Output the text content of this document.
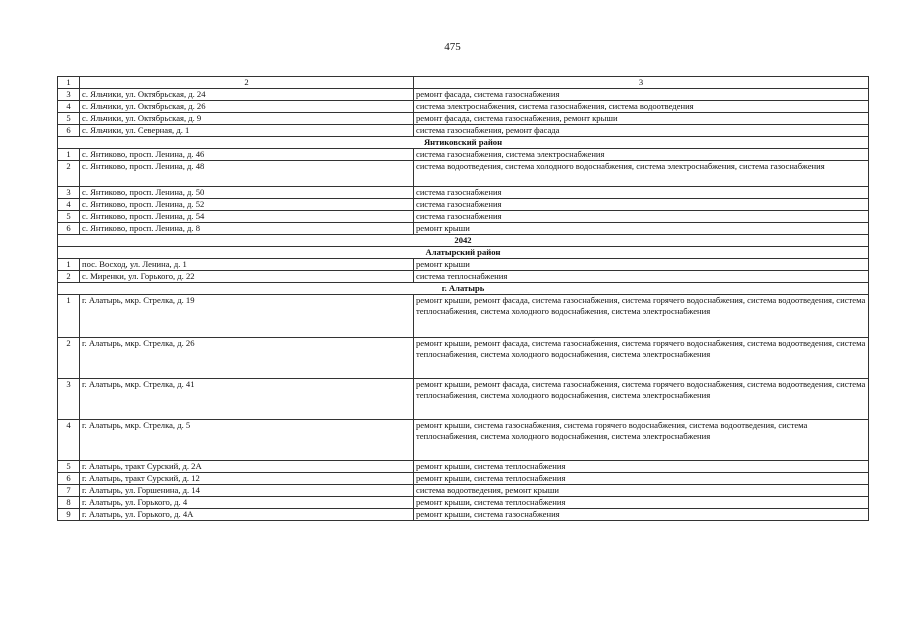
475
1	2	3
3	с. Яльчики, ул. Октябрьская, д. 24	ремонт фасада, система газоснабжения
4	с. Яльчики, ул. Октябрьская, д. 26	система электроснабжения, система газоснабжения, система водоотведения
5	с. Яльчики, ул. Октябрьская, д. 9	ремонт фасада, система газоснабжения, ремонт крыши
6	с. Яльчики, ул. Северная, д. 1	система газоснабжения, ремонт фасада
Янтиковский район		
1	с. Янтиково, просп. Ленина, д. 46	система газоснабжения, система электроснабжения
2	с. Янтиково, просп. Ленина, д. 48	система водоотведения, система холодного водоснабжения, система электроснабжения, система газоснабжения
3	с. Янтиково, просп. Ленина, д. 50	система газоснабжения
4	с. Янтиково, просп. Ленина, д. 52	система газоснабжения
5	с. Янтиково, просп. Ленина, д. 54	система газоснабжения
6	с. Янтиково, просп. Ленина, д. 8	ремонт крыши
2042		
Алатырский район		
1	пос. Восход, ул. Ленина, д. 1	ремонт крыши
2	с. Миренки, ул. Горького, д. 22	система теплоснабжения
г. Алатырь		
1	г. Алатырь, мкр. Стрелка, д. 19	ремонт крыши, ремонт фасада, система газоснабжения, система горячего водоснабжения, система водоотведения, система теплоснабжения, система холодного водоснабжения, система электроснабжения
2	г. Алатырь, мкр. Стрелка, д. 26	ремонт крыши, ремонт фасада, система газоснабжения, система горячего водоснабжения, система водоотведения, система теплоснабжения, система холодного водоснабжения, система электроснабжения
3	г. Алатырь, мкр. Стрелка, д. 41	ремонт крыши, ремонт фасада, система газоснабжения, система горячего водоснабжения, система водоотведения, система теплоснабжения, система холодного водоснабжения, система электроснабжения
4	г. Алатырь, мкр. Стрелка, д. 5	ремонт крыши, система газоснабжения, система горячего водоснабжения, система водоотведения, система теплоснабжения, система холодного водоснабжения, система электроснабжения
5	г. Алатырь, тракт Сурский, д. 2А	ремонт крыши, система теплоснабжения
6	г. Алатырь, тракт Сурский, д. 12	ремонт крыши, система теплоснабжения
7	г. Алатырь, ул. Горшенина, д. 14	система водоотведения, ремонт крыши
8	г. Алатырь, ул. Горького, д. 4	ремонт крыши, система теплоснабжения
9	г. Алатырь, ул. Горького, д. 4А	ремонт крыши, система газоснабжения
